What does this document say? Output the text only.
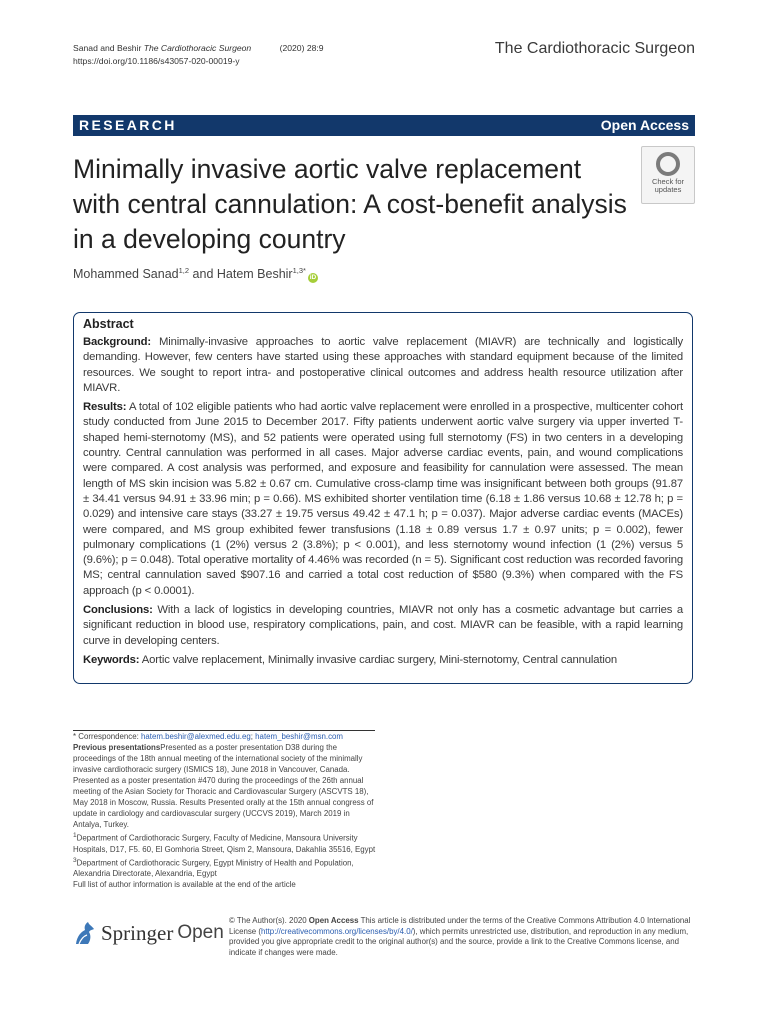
Sanad and Beshir The Cardiothoracic Surgeon	(2020) 28:9
https://doi.org/10.1186/s43057-020-00019-y
The Cardiothoracic Surgeon
RESEARCH	Open Access
Minimally invasive aortic valve replacement with central cannulation: A cost-benefit analysis in a developing country
Check for
updates
Mohammed Sanad$^{1,2}$ and Hatem Beshir$^{1,3*}$iD
Abstract

Background: Minimally-invasive approaches to aortic valve replacement (MIAVR) are technically and logistically demanding. However, few centers have started using these approaches with standard equipment because of the limited resources. We sought to report intra- and postoperative clinical outcomes and address health resource utilization after MIAVR.

Results: A total of 102 eligible patients who had aortic valve replacement were enrolled in a prospective, multicenter cohort study conducted from June 2015 to December 2017. Fifty patients underwent aortic valve surgery via upper inverted T-shaped hemi-sternotomy (MS), and 52 patients were operated using full sternotomy (FS) in two centers in a developing country. Central cannulation was performed in all cases. Major adverse cardiac events, pain, and wound complications were compared. A cost analysis was performed, and exposure and feasibility for cannulation were assessed. The mean length of MS skin incision was 5.82 ± 0.67 cm. Cumulative cross-clamp time was insignificant between both groups (91.87 ± 34.41 versus 94.91 ± 33.96 min; p = 0.66). MS exhibited shorter ventilation time (6.18 ± 1.86 versus 10.68 ± 12.78 h; p = 0.029) and intensive care stays (33.27 ± 19.75 versus 49.42 ± 47.1 h; p = 0.037). Major adverse cardiac events (MACEs) were compared, and MS group exhibited fewer transfusions (1.18 ± 0.89 versus 1.7 ± 0.97 units; p = 0.002), fewer pulmonary complications (1 (2%) versus 2 (3.8%); p < 0.001), and less sternotomy wound infection (1 (2%) versus 5 (9.6%); p = 0.048). Total operative mortality of 4.46% was recorded (n = 5). Significant cost reduction was recorded favoring MS; central cannulation saved $907.16 and carried a total cost reduction of $580 (9.3%) when compared with the FS approach (p < 0.0001).

Conclusions: With a lack of logistics in developing countries, MIAVR not only has a cosmetic advantage but carries a significant reduction in blood use, respiratory complications, pain, and cost. MIAVR can be feasible, with a rapid learning curve in developing centers.

Keywords: Aortic valve replacement, Minimally invasive cardiac surgery, Mini-sternotomy, Central cannulation

* Correspondence: hatem.beshir@alexmed.edu.eg; hatem_beshir@msn.com

Previous presentationsPresented as a poster presentation D38 during the proceedings of the 18th annual meeting of the international society of the minimally invasive cardiothoracic surgery (ISMICS 18), June 2018 in Vancouver, Canada. Presented as a poster presentation #470 during the proceedings of the 26th annual meeting of the Asian Society for Thoracic and Cardiovascular Surgery (ASCVTS 18), May 2018 in Moscow, Russia. Results Presented orally at the 15th annual congress of update in cardiology and cardiovascular surgery (UCCVS 2019), March 2019 in Antalya, Turkey.

$^1$Department of Cardiothoracic Surgery, Faculty of Medicine, Mansoura University Hospitals, D17, F5. 60, El Gomhoria Street, Qism 2, Mansoura, Dakahlia 35516, Egypt

$^3$Department of Cardiothoracic Surgery, Egypt Ministry of Health and Population, Alexandria Directorate, Alexandria, Egypt

Full list of author information is available at the end of the article

Springer Open
© The Author(s). 2020 Open Access This article is distributed under the terms of the Creative Commons Attribution 4.0 International License (http://creativecommons.org/licenses/by/4.0/), which permits unrestricted use, distribution, and reproduction in any medium, provided you give appropriate credit to the original author(s) and the source, provide a link to the Creative Commons license, and indicate if changes were made.
